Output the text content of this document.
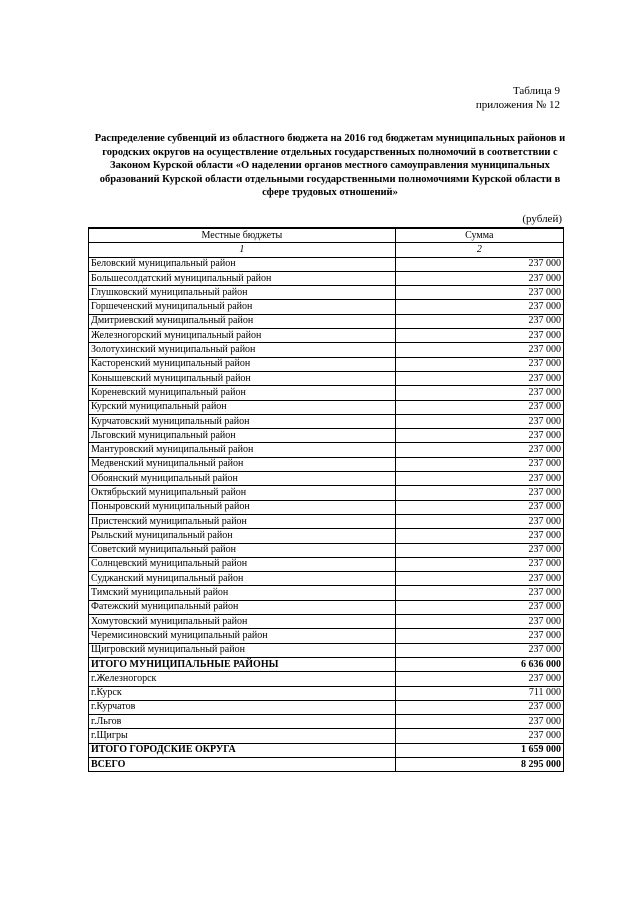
Таблица 9
приложения № 12
Распределение субвенций из областного бюджета на 2016 год бюджетам муниципальных районов и городских округов на осуществление отдельных государственных полномочий в соответствии с Законом Курской области «О наделении органов местного самоуправления муниципальных образований Курской области отдельными государственными полномочиями Курской области в сфере трудовых отношений»
(рублей)
Местные бюджеты	Сумма
1	2
Беловский муниципальный район	237 000
Большесолдатский муниципальный район	237 000
Глушковский муниципальный район	237 000
Горшеченский муниципальный район	237 000
Дмитриевский муниципальный район	237 000
Железногорский муниципальный район	237 000
Золотухинский муниципальный район	237 000
Касторенский муниципальный район	237 000
Конышевский муниципальный район	237 000
Кореневский муниципальный район	237 000
Курский муниципальный район	237 000
Курчатовский муниципальный район	237 000
Льговский муниципальный район	237 000
Мантуровский муниципальный район	237 000
Медвенский муниципальный район	237 000
Обоянский муниципальный район	237 000
Октябрьский муниципальный район	237 000
Поныровский муниципальный район	237 000
Пристенский муниципальный район	237 000
Рыльский муниципальный район	237 000
Советский муниципальный район	237 000
Солнцевский муниципальный район	237 000
Суджанский муниципальный район	237 000
Тимский муниципальный район	237 000
Фатежский муниципальный район	237 000
Хомутовский муниципальный район	237 000
Черемисиновский муниципальный район	237 000
Щигровский муниципальный район	237 000
ИТОГО МУНИЦИПАЛЬНЫЕ РАЙОНЫ	6 636 000
г.Железногорск	237 000
г.Курск	711 000
г.Курчатов	237 000
г.Льгов	237 000
г.Щигры	237 000
ИТОГО ГОРОДСКИЕ ОКРУГА	1 659 000
ВСЕГО	8 295 000
